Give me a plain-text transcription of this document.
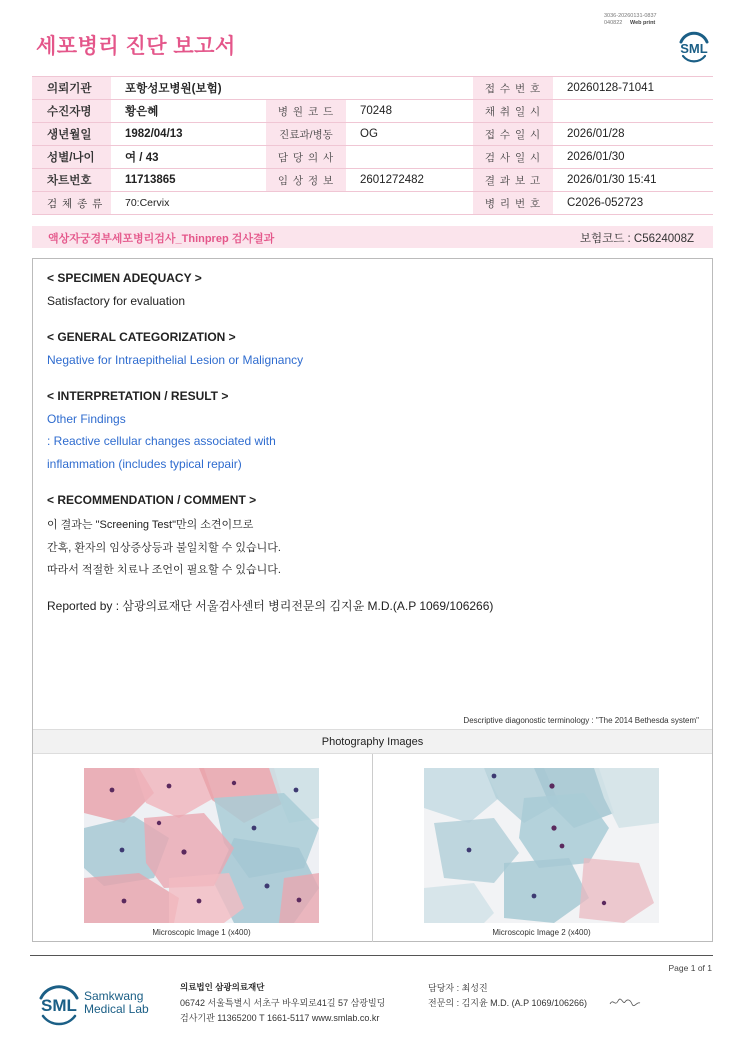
3036-20260131-0837
040822 Web print
세포병리 진단 보고서	SML
의뢰기관	포항성모병원(보험)			접 수 번 호	20260128-71041
수진자명	황은혜	병 원 코 드	70248	채 취 일 시	
생년월일	1982/04/13	진료과/병동	OG	접 수 일 시	2026/01/28
성별/나이	여 / 43	담 당 의 사		검 사 일 시	2026/01/30
차트번호	11713865	임 상 정 보	2601272482	결 과 보 고	2026/01/30 15:41
검 체 종 류	70:Cervix			병 리 번 호	C2026-052723
액상자궁경부세포병리검사_Thinprep 검사결과	보험코드 : C5624008Z
< SPECIMEN ADEQUACY >
Satisfactory for evaluation
< GENERAL CATEGORIZATION >
Negative for Intraepithelial Lesion or Malignancy
< INTERPRETATION / RESULT >
Other Findings
: Reactive cellular changes associated with
inflammation (includes typical repair)
< RECOMMENDATION / COMMENT >
이 결과는 "Screening Test"만의 소견이므로
간혹, 환자의 임상증상등과 불일치할 수 있습니다.
따라서 적절한 치료나 조언이 필요할 수 있습니다.
Reported by : 삼광의료재단 서울검사센터 병리전문의 김지윤 M.D.(A.P 1069/106266)
Descriptive diagonostic terminology : "The 2014 Bethesda system"
Photography Images
Microscopic Image 1 (x400)	Microscopic Image 2 (x400)
Page 1 of 1
SML Samkwang
Medical Lab
의료법인 삼광의료재단
06742 서울특별시 서초구 바우뫼로41길 57 삼광빌딩
검사기관 11365200 T 1661-5117 www.smlab.co.kr
담당자 : 최성진
전문의 : 김지윤 M.D. (A.P 1069/106266)
